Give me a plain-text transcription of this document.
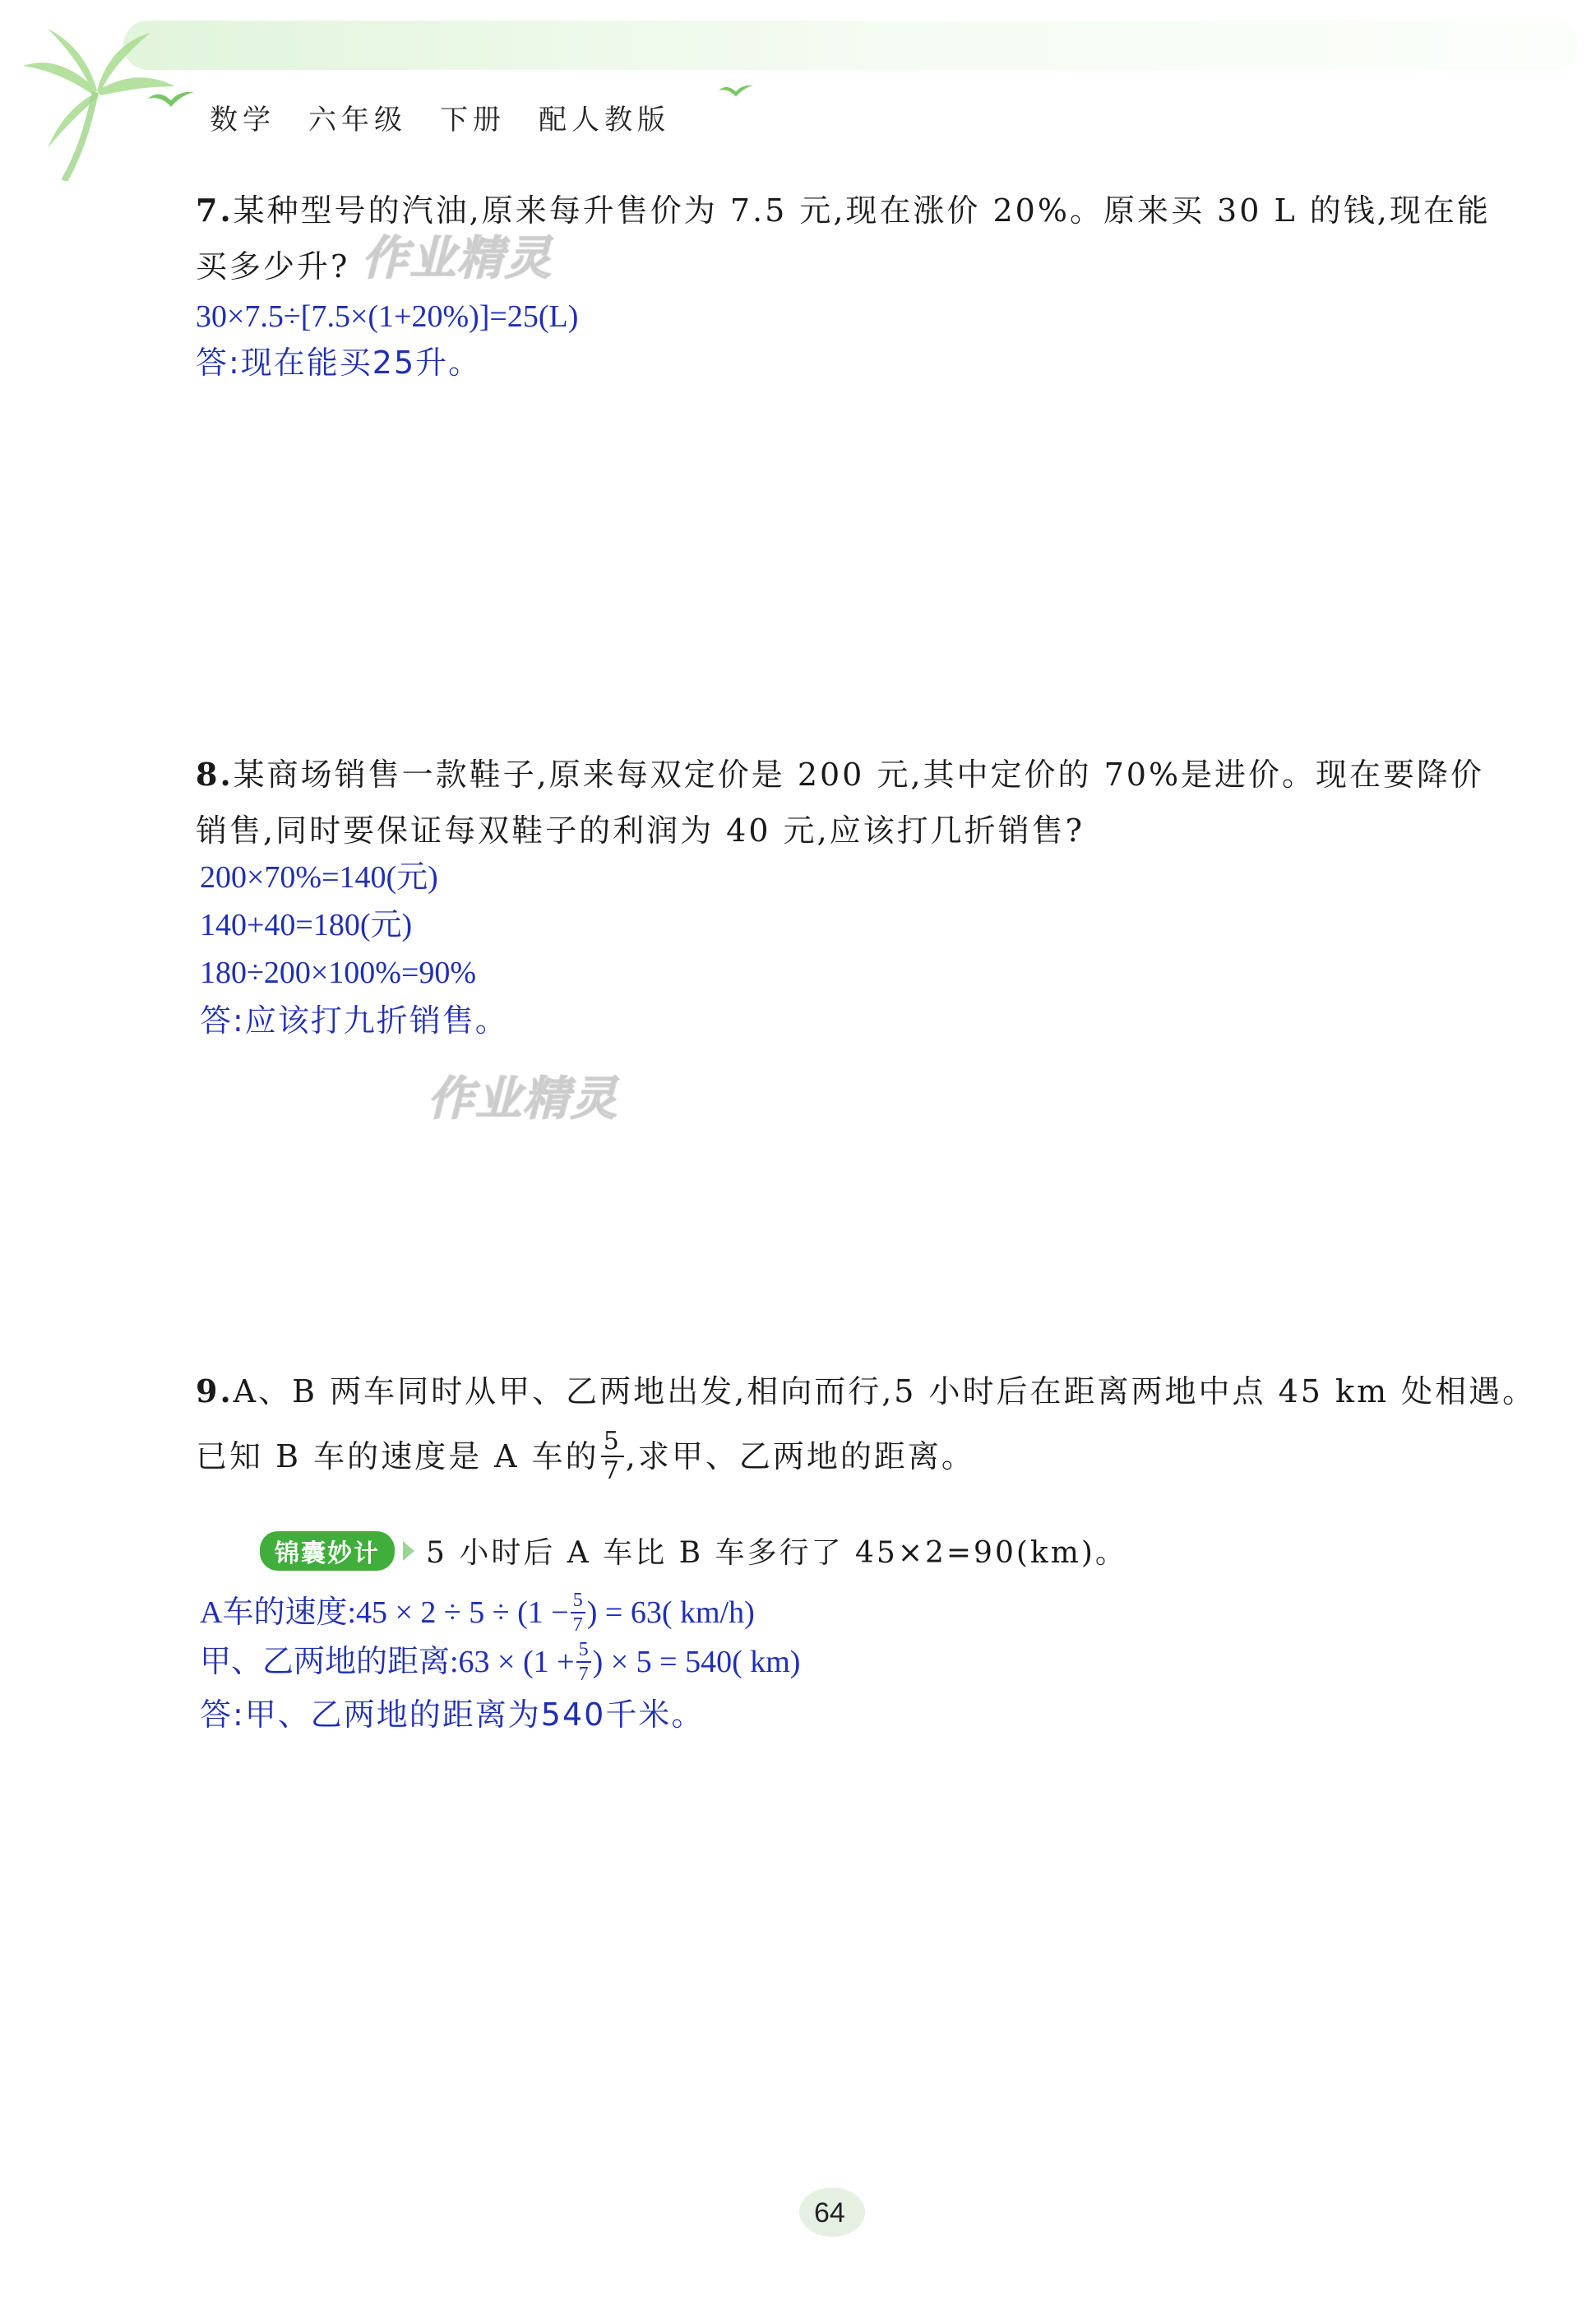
数学 六年级 下册 配人教版
7.某种型号的汽油,原来每升售价为 7.5 元,现在涨价 20%。原来买 30 L 的钱,现在能
买多少升? 作业精灵
30×7.5÷[7.5×(1+20%)]=25(L)
答:现在能买25升。
8.某商场销售一款鞋子,原来每双定价是 200 元,其中定价的 70%是进价。现在要降价
销售,同时要保证每双鞋子的利润为 40 元,应该打几折销售?
200×70%=140(元)
140+40=180(元)
180÷200×100%=90%
答:应该打九折销售。
作业精灵
9.A、B 两车同时从甲、乙两地出发,相向而行,5 小时后在距离两地中点 45 km 处相遇。
已知 B 车的速度是 A 车的 $\frac{5}{7}$ ,求甲、乙两地的距离。
锦囊妙计	5 小时后 A 车比 B 车多行了 45×2=90(km)。
A车的速度:45 × $2 \div 5 \div (1 - \frac{5}{7}$ ) = 63( km/h)
甲、乙两地的距离:63 × ($1 + \frac{5}{7}$ ) × 5 = 540( km)
答:甲、乙两地的距离为540千米。
64
